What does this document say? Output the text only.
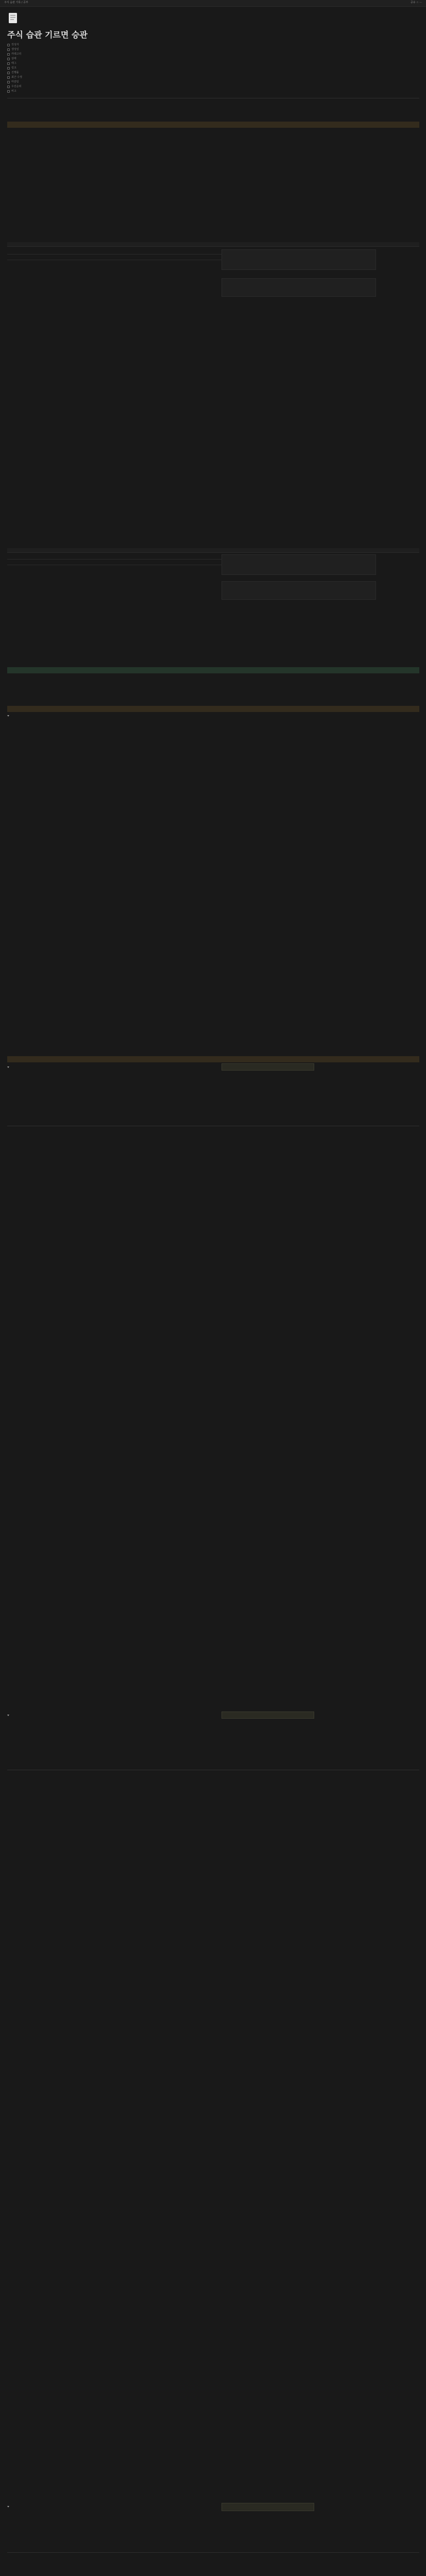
주식 습관 기록 / 공부	공유 ☆ ···
주식 습관 기르면 승관
작성자
생성일
카테고리
상태
태그
링크
진행률
최근 수정
마감일
우선순위
비고
